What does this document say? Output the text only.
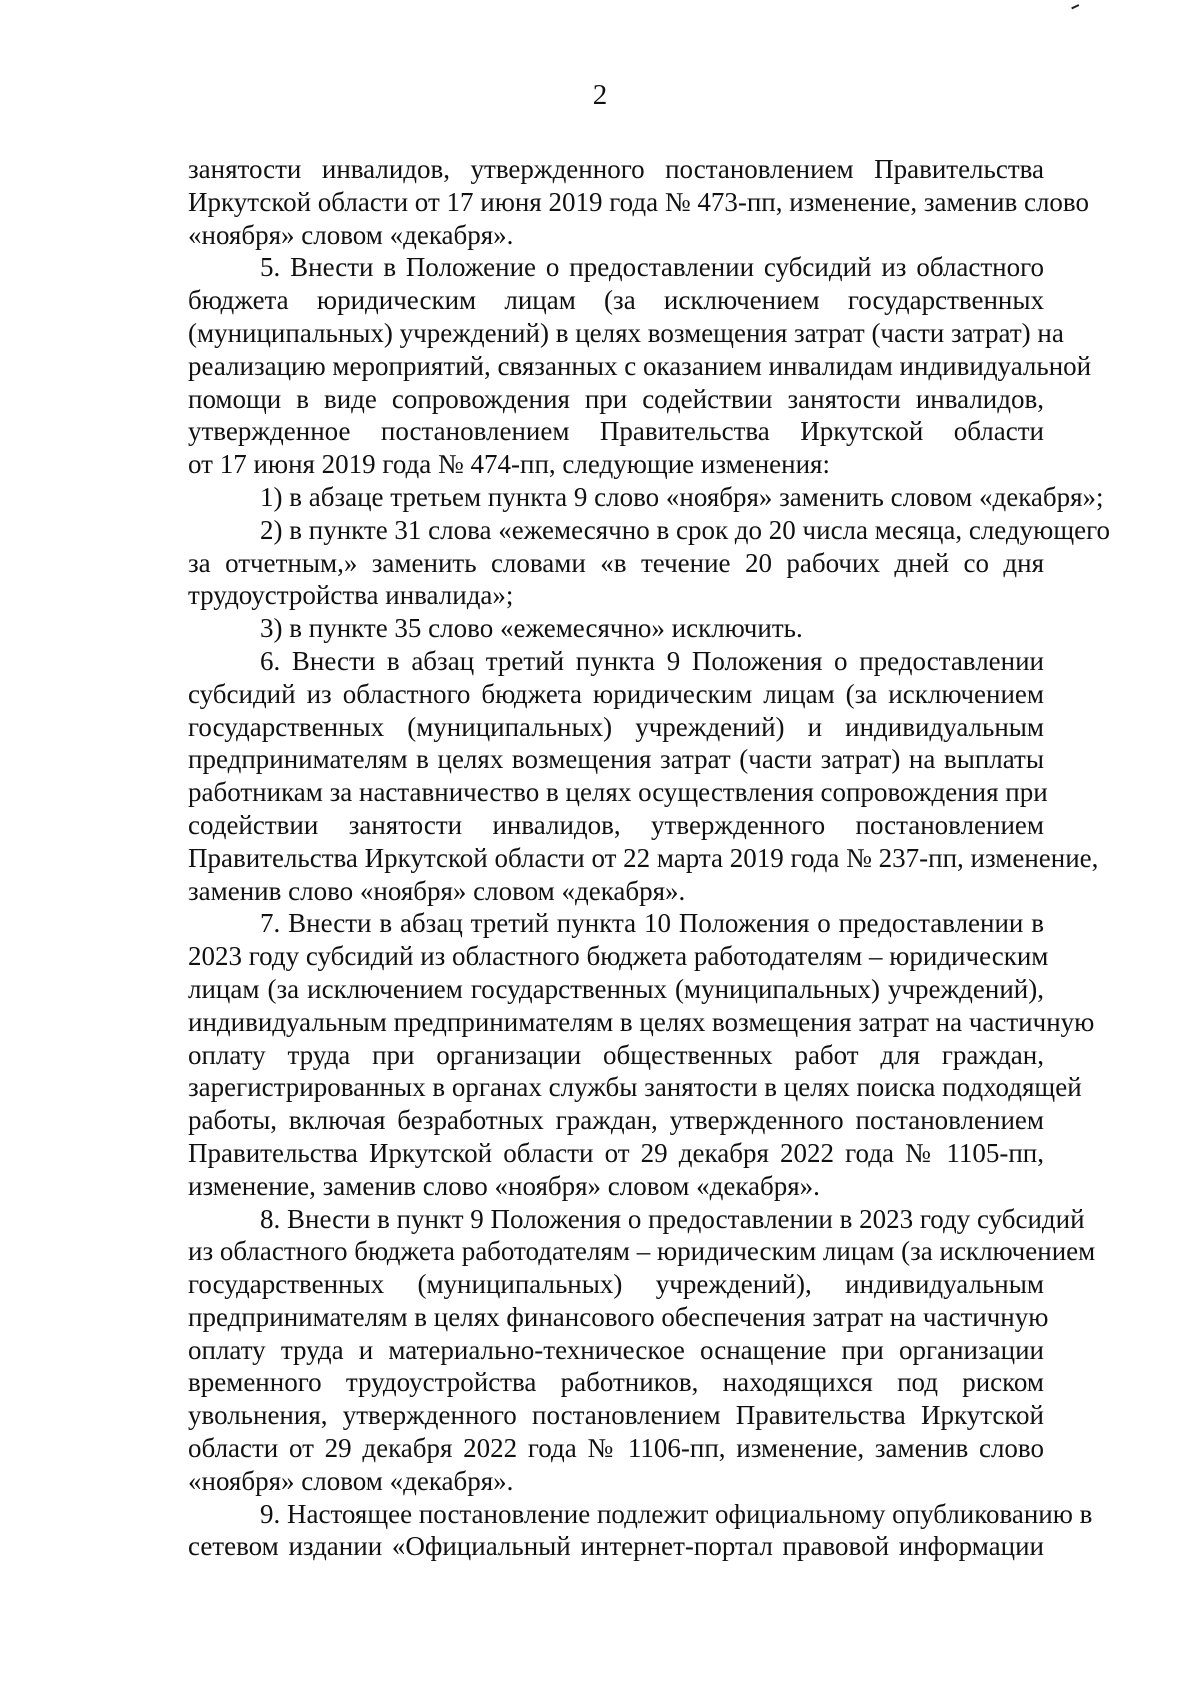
2
занятости инвалидов, утвержденного постановлением Правительства
Иркутской области от 17 июня 2019 года № 473-пп, изменение, заменив слово
«ноября» словом «декабря».
5. Внести в Положение о предоставлении субсидий из областного
бюджета юридическим лицам (за исключением государственных
(муниципальных) учреждений) в целях возмещения затрат (части затрат) на
реализацию мероприятий, связанных с оказанием инвалидам индивидуальной
помощи в виде сопровождения при содействии занятости инвалидов,
утвержденное постановлением Правительства Иркутской области
от 17 июня 2019 года № 474-пп, следующие изменения:
1) в абзаце третьем пункта 9 слово «ноября» заменить словом «декабря»;
2) в пункте 31 слова «ежемесячно в срок до 20 числа месяца, следующего
за отчетным,» заменить словами «в течение 20 рабочих дней со дня
трудоустройства инвалида»;
3) в пункте 35 слово «ежемесячно» исключить.
6. Внести в абзац третий пункта 9 Положения о предоставлении
субсидий из областного бюджета юридическим лицам (за исключением
государственных (муниципальных) учреждений) и индивидуальным
предпринимателям в целях возмещения затрат (части затрат) на выплаты
работникам за наставничество в целях осуществления сопровождения при
содействии занятости инвалидов, утвержденного постановлением
Правительства Иркутской области от 22 марта 2019 года № 237-пп, изменение,
заменив слово «ноября» словом «декабря».
7. Внести в абзац третий пункта 10 Положения о предоставлении в
2023 году субсидий из областного бюджета работодателям – юридическим
лицам (за исключением государственных (муниципальных) учреждений),
индивидуальным предпринимателям в целях возмещения затрат на частичную
оплату труда при организации общественных работ для граждан,
зарегистрированных в органах службы занятости в целях поиска подходящей
работы, включая безработных граждан, утвержденного постановлением
Правительства Иркутской области от 29 декабря 2022 года № 1105-пп,
изменение, заменив слово «ноября» словом «декабря».
8. Внести в пункт 9 Положения о предоставлении в 2023 году субсидий
из областного бюджета работодателям – юридическим лицам (за исключением
государственных (муниципальных) учреждений), индивидуальным
предпринимателям в целях финансового обеспечения затрат на частичную
оплату труда и материально-техническое оснащение при организации
временного трудоустройства работников, находящихся под риском
увольнения, утвержденного постановлением Правительства Иркутской
области от 29 декабря 2022 года № 1106-пп, изменение, заменив слово
«ноября» словом «декабря».
9. Настоящее постановление подлежит официальному опубликованию в
сетевом издании «Официальный интернет-портал правовой информации
